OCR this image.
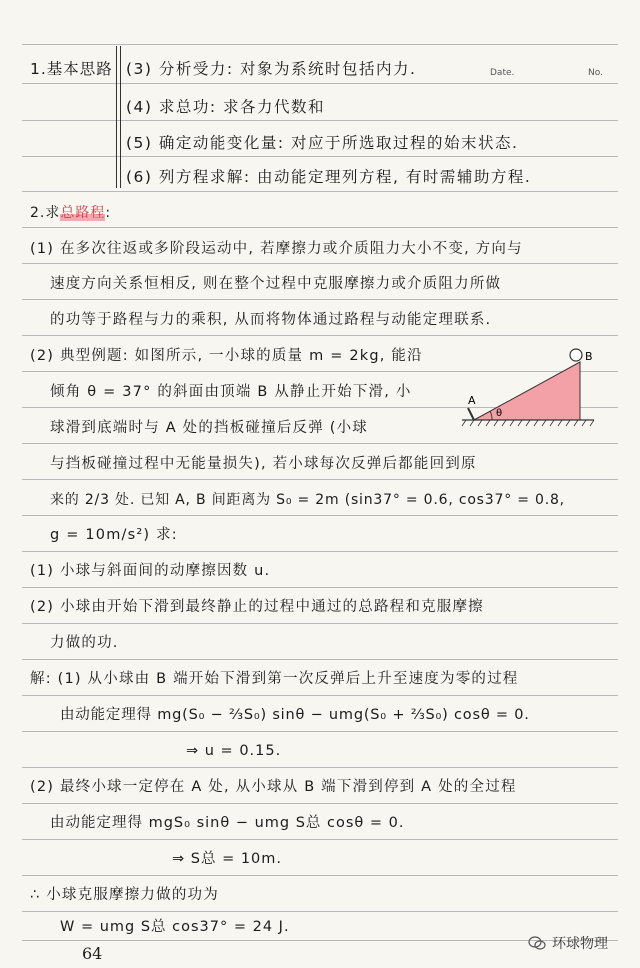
Date.	No.
1.基本思路 (3) 分析受力: 对象为系统时包括内力.
(4) 求总功: 求各力代数和
(5) 确定动能变化量: 对应于所选取过程的始末状态.
(6) 列方程求解: 由动能定理列方程, 有时需辅助方程.
2.求总路程:
(1) 在多次往返或多阶段运动中, 若摩擦力或介质阻力大小不变, 方向与
速度方向关系恒相反, 则在整个过程中克服摩擦力或介质阻力所做
的功等于路程与力的乘积, 从而将物体通过路程与动能定理联系.
(2) 典型例题: 如图所示, 一小球的质量 m = 2kg, 能沿
倾角 θ = 37° 的斜面由顶端 B 从静止开始下滑, 小
球滑到底端时与 A 处的挡板碰撞后反弹 (小球
与挡板碰撞过程中无能量损失), 若小球每次反弹后都能回到原
来的 2/3 处. 已知 A, B 间距离为 S₀ = 2m (sin37° = 0.6, cos37° = 0.8,
g = 10m/s²) 求:
A
B
θ
(1) 小球与斜面间的动摩擦因数 u.
(2) 小球由开始下滑到最终静止的过程中通过的总路程和克服摩擦
力做的功.
解: (1) 从小球由 B 端开始下滑到第一次反弹后上升至速度为零的过程
由动能定理得 mg(S₀ − ⅔S₀) sinθ − umg(S₀ + ⅔S₀) cosθ = 0.
⇒ u = 0.15.
(2) 最终小球一定停在 A 处, 从小球从 B 端下滑到停到 A 处的全过程
由动能定理得 mgS₀ sinθ − umg S总 cosθ = 0.
⇒ S总 = 10m.
∴ 小球克服摩擦力做的功为
W = umg S总 cos37° = 24 J.
64	环球物理
